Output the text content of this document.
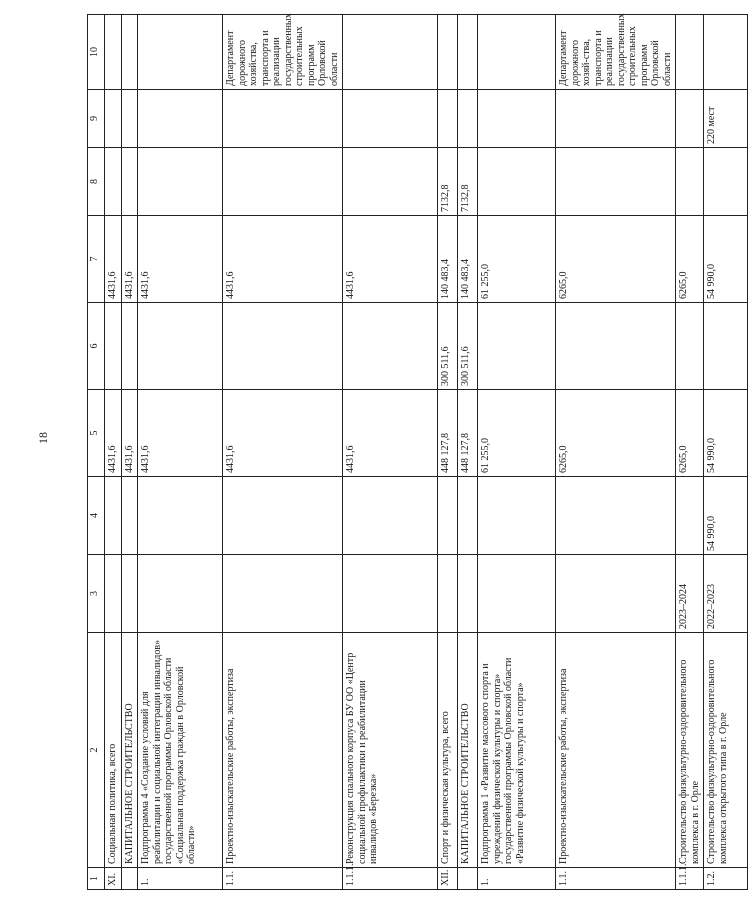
18
1	2	3	4	5	6	7	8	9	10
XI.	Социальная политика, всего			4431,6		4431,6			
	КАПИТАЛЬНОЕ СТРОИТЕЛЬСТВО			4431,6		4431,6			
1.	Подпрограмма 4 «Создание условий для реабилитации и социальной интеграции инвалидов» государственной программы Орловской области «Социальная поддержка граждан в Орловской области»			4431,6		4431,6			
1.1.	Проектно-изыскательские работы, экспертиза			4431,6		4431,6			Департамент дорожного хозяйства, транспорта и реализации государственных строительных программ Орловской области
1.1.1.	Реконструкция спального корпуса БУ ОО «Центр социальной профилактики и реабилитации инвалидов «Березка»			4431,6		4431,6			
XII.	Спорт и физическая культура, всего			448 127,8	300 511,6	140 483,4	7132,8		
	КАПИТАЛЬНОЕ СТРОИТЕЛЬСТВО			448 127,8	300 511,6	140 483,4	7132,8		
1.	Подпрограмма 1 «Развитие массового спорта и учреждений физической культуры и спорта» государственной программы Орловской области «Развитие физической культуры и спорта»			61 255,0		61 255,0			
1.1.	Проектно-изыскательские работы, экспертиза			6265,0		6265,0			Департамент дорожного хозяй-ства, транспорта и реализации государственных строительных программ Орловской области
1.1.1.	Строительство физкультурно-оздоровительного комплекса в г. Орле	2023–2024		6265,0		6265,0			
1.2.	Строительство физкультурно-оздоровительного комплекса открытого типа в г. Орле	2022–2023	54 990,0	54 990,0		54 990,0		220 мест	
